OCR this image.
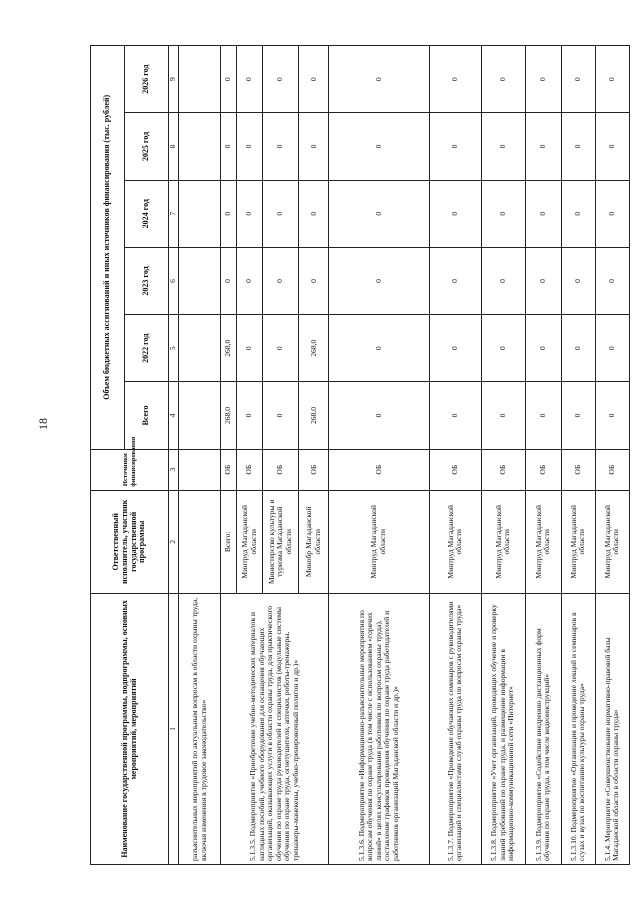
18
Наименование государственной программы, подпрограммы, основных мероприятий, мероприятий	Ответственный исполнитель, участник государственной программы	Источники финансирования	Объем бюджетных ассигнований и иных источников финансирования (тыс. рублей)					
			Всего	2022 год	2023 год	2024 год	2025 год	2026 год
1	2	3	4	5	6	7	8	9
разъяснительных мероприятий по актуальным вопросам в области охраны труда, включая изменения в трудовое законодательство»								
5.1.3.5. Подмероприятие «Приобретение учебно-методических материалов и наглядных пособий, учебного оборудования для оснащения обучающих организаций, оказывающих услуги в области охраны труда, для практического обучения по охране труда руководителей и специалистов (модульные системы обучения по охране труда, огнетушители, аптечки, роботы-тренажеры, тренажеры-манекены, учебно-тренировочный полигон и др.)»	Всего:	ОБ	268,0	268,0	0	0	0	0
	Минтруд Магаданской области	ОБ	0	0	0	0	0	0
	Министерство культуры и туризма Магаданской области	ОБ	0	0	0	0	0	0
	Минобр Магаданской области	ОБ	268,0	268,0	0	0	0	0
5.1.3.6. Подмероприятие «Информационно-разъяснительные мероприятия по вопросам обучения по охране труда (в том числе с использованием «горячих линий» в целях консультирования работников по вопросам охраны труда), составление графиков проведения обучения по охране труда работодателей и работников организаций Магаданской области и др.)»	Минтруд Магаданской области	ОБ	0	0	0	0	0	0
5.1.3.7. Подмероприятие «Проведение обучающих семинаров с руководителями организаций и специалистами служб охраны труда по вопросам охраны труда»	Минтруд Магаданской области	ОБ	0	0	0	0	0	0
5.1.3.8. Подмероприятие «Учет организаций, проводящих обучение и проверку знаний требований по охране труда, и размещение информации в информационно-коммуникационной сети «Интернет»	Минтруд Магаданской области	ОБ	0	0	0	0	0	0
5.1.3.9. Подмероприятие «Содействие внедрению дистанционных форм обучения по охране труда, в том числе видеоинструкций»	Минтруд Магаданской области	ОБ	0	0	0	0	0	0
5.1.3.10. Подмероприятие «Организация и проведение лекций и семинаров в ссузах и вузах по воспитанию культуры охраны труда»	Минтруд Магаданской области	ОБ	0	0	0	0	0	0
5.1.4. Мероприятие «Совершенствование нормативно-правовой базы Магаданской области в области охраны труда»	Минтруд Магаданской области	ОБ	0	0	0	0	0	0
